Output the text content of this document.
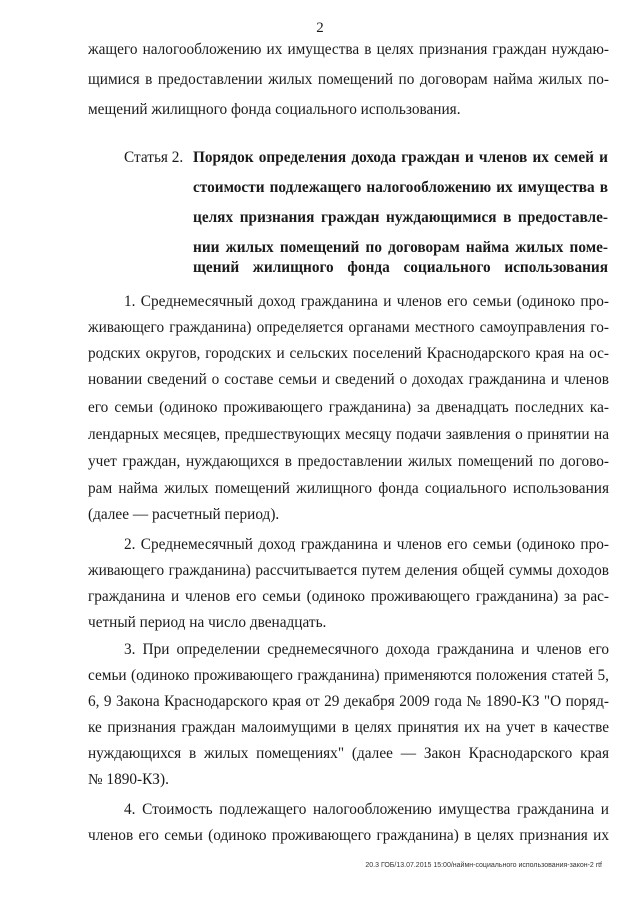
2
жащего налогообложению их имущества в целях признания граждан нуждаю-
щимися в предоставлении жилых помещений по договорам найма жилых по-
мещений жилищного фонда социального использования.
Статья 2. Порядок определения дохода граждан и членов их семей и
стоимости подлежащего налогообложению их имущества в
целях признания граждан нуждающимися в предоставле-
нии жилых помещений по договорам найма жилых поме-
щений жилищного фонда социального использования
1. Среднемесячный доход гражданина и членов его семьи (одиноко про-
живающего гражданина) определяется органами местного самоуправления го-
родских округов, городских и сельских поселений Краснодарского края на ос-
новании сведений о составе семьи и сведений о доходах гражданина и членов
его семьи (одиноко проживающего гражданина) за двенадцать последних ка-
лендарных месяцев, предшествующих месяцу подачи заявления о принятии на
учет граждан, нуждающихся в предоставлении жилых помещений по догово-
рам найма жилых помещений жилищного фонда социального использования
(далее — расчетный период).
2. Среднемесячный доход гражданина и членов его семьи (одиноко про-
живающего гражданина) рассчитывается путем деления общей суммы доходов
гражданина и членов его семьи (одиноко проживающего гражданина) за рас-
четный период на число двенадцать.
3. При определении среднемесячного дохода гражданина и членов его
семьи (одиноко проживающего гражданина) применяются положения статей 5,
6, 9 Закона Краснодарского края от 29 декабря 2009 года № 1890-КЗ "О поряд-
ке признания граждан малоимущими в целях принятия их на учет в качестве
нуждающихся в жилых помещениях" (далее — Закон Краснодарского края
№ 1890-КЗ).
4. Стоимость подлежащего налогообложению имущества гражданина и
членов его семьи (одиноко проживающего гражданина) в целях признания их
20.3 ГОБ/13.07.2015 15:00/наймн-социального использования-закон-2 rtf
